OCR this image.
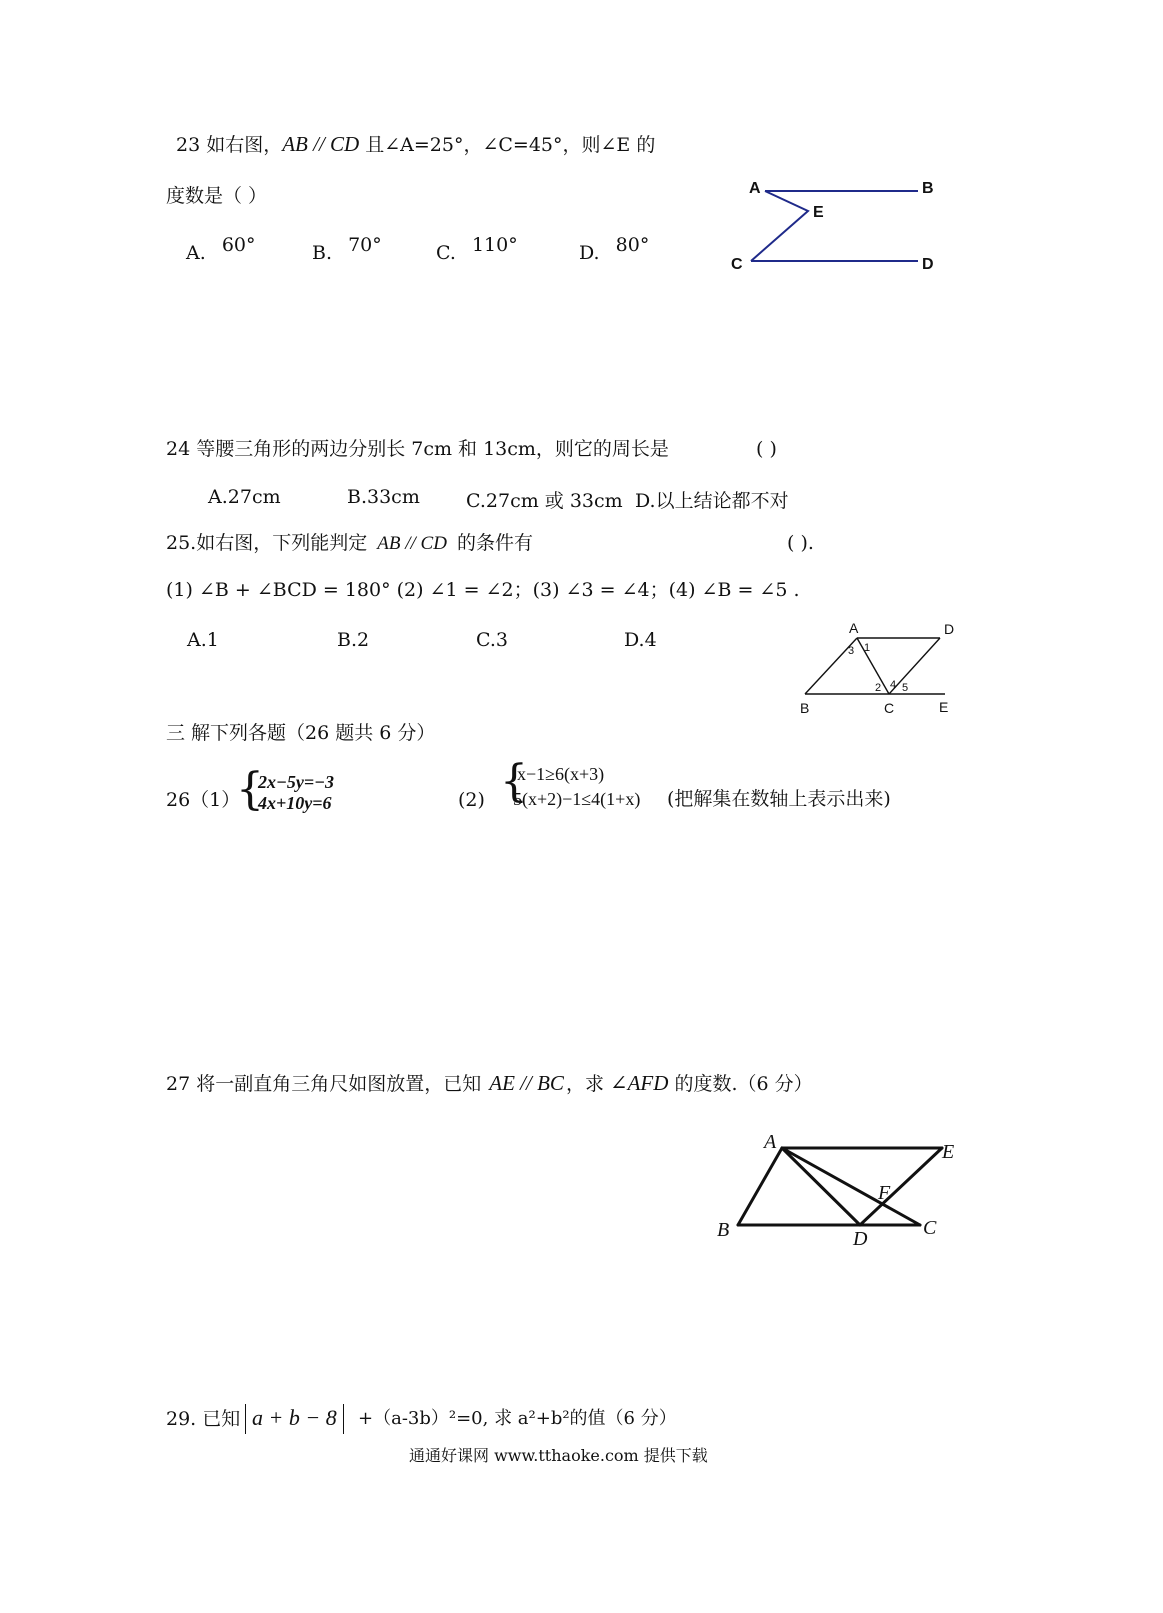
23 如右图，AB // CD 且∠A=25°，∠C=45°，则∠E 的
度数是（ ）
A. 60°	B. 70°	C. 110°	D. 80°
A	B
E
C	D
24 等腰三角形的两边分别长 7cm 和 13cm，则它的周长是	( )
A.27cm	B.33cm C.27cm 或 33cm D.以上结论都不对
25.如右图，下列能判定 AB // CD 的条件有	( ).
(1) ∠B + ∠BCD = 180° (2) ∠1 = ∠2；(3) ∠3 = ∠4；(4) ∠B = ∠5 .
A.1	B.2	C.3	D.4
A	D
B	C	E
1
3
2 4 5
三 解下列各题（26 题共 6 分）
26（1）
{
2x−5y=−3
4x+10y=6	(2) {
x−1≥6(x+3)
5(x+2)−1≤4(1+x) (把解集在数轴上表示出来)
27 将一副直角三角尺如图放置，已知 AE // BC ，求 ∠AFD 的度数.（6 分）
A	E
F
B	D	C
29. 已知 a + b − 8 +（a-3b）²=0, 求 a²+b²的值（6 分）
通通好课网 www.tthaoke.com 提供下载
